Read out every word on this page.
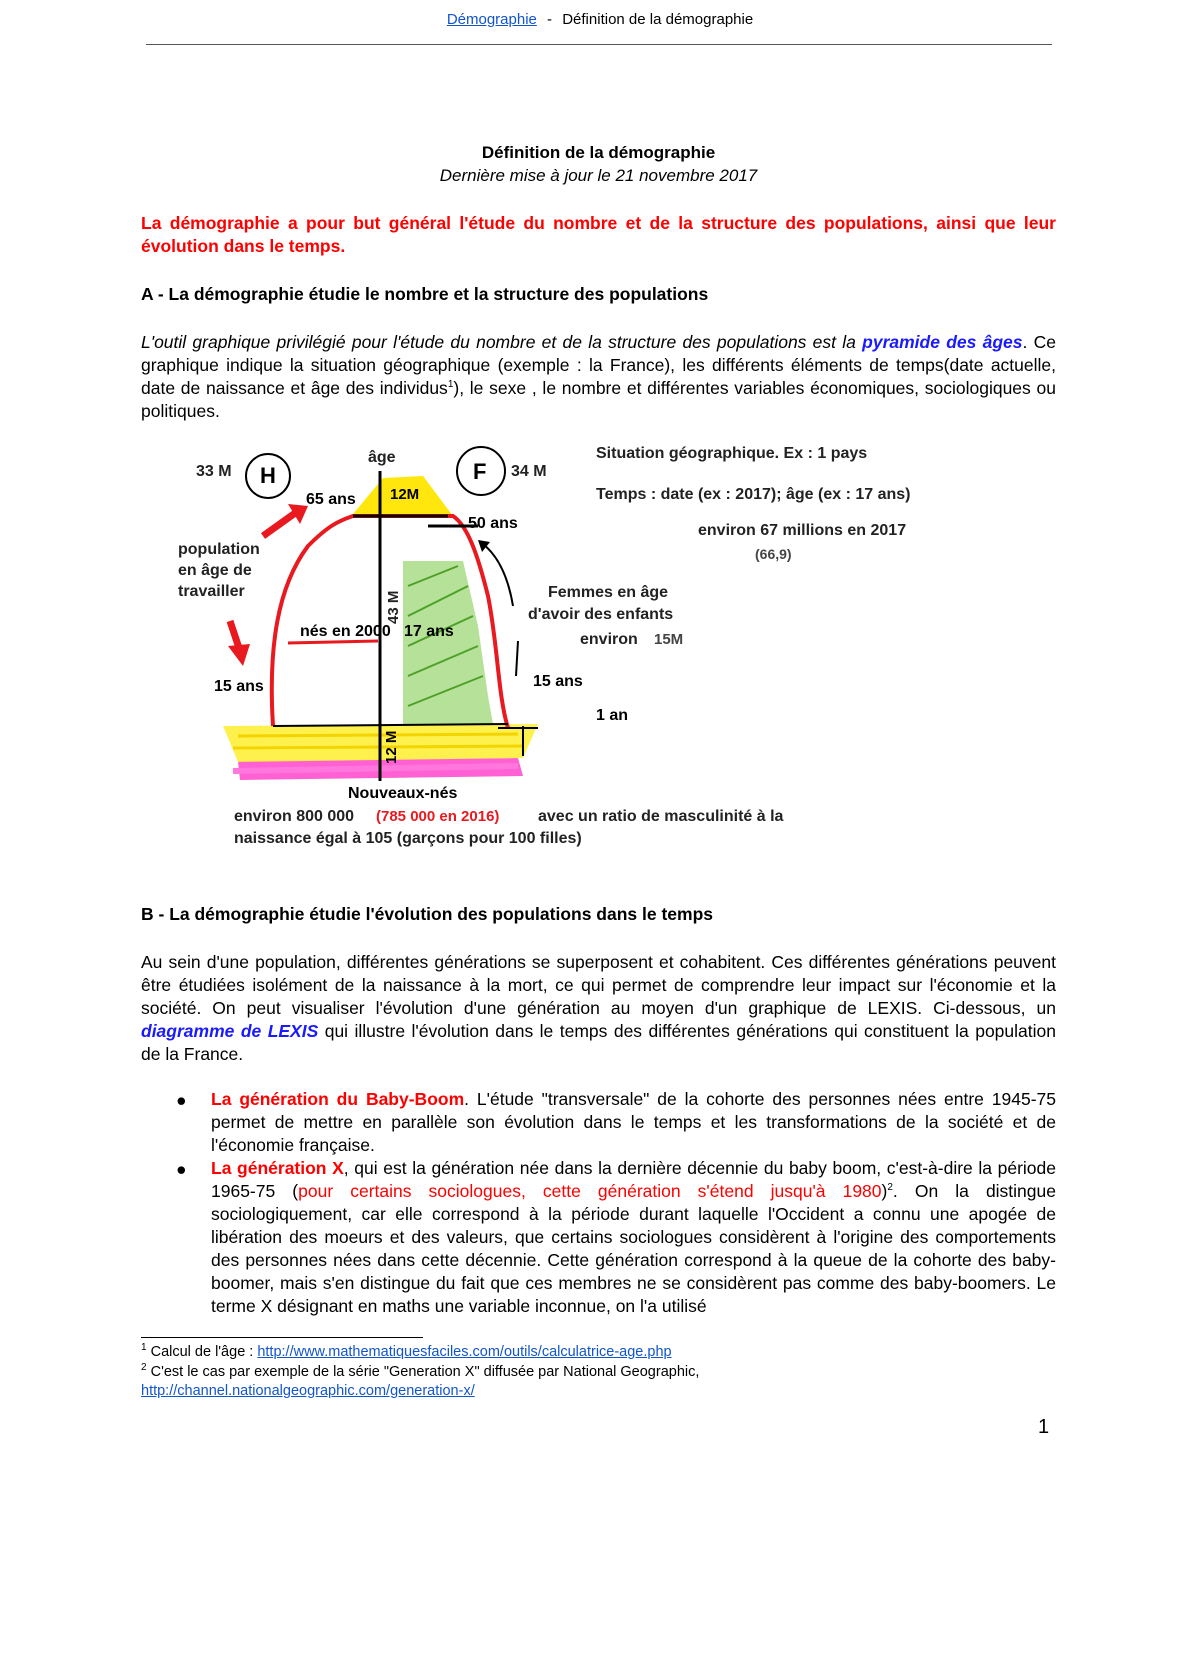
Démographie - Définition de la démographie
Définition de la démographie
Dernière mise à jour le 21 novembre 2017
La démographie a pour but général l'étude du nombre et de la structure des populations, ainsi que leur évolution dans le temps.
A - La démographie étudie le nombre et la structure des populations
L'outil graphique privilégié pour l'étude du nombre et de la structure des populations est la pyramide des âges. Ce graphique indique la situation géographique (exemple : la France), les différents éléments de temps(date actuelle, date de naissance et âge des individus$^1$), le sexe , le nombre et différentes variables économiques, sociologiques ou politiques.
33 M H
âge
F 34 M
Situation géographique. Ex : 1 pays
Temps : date (ex : 2017); âge (ex : 17 ans)
environ 67 millions en 2017
(66,9)
65 ans 12M
50 ans
population
en âge de
travailler	43 M	Femmes en âge
d'avoir des enfants
environ 15M
nés en 2000 17 ans
15 ans	15 ans
1 an
12 M
Nouveaux-nés
environ 800 000 (785 000 en 2016) avec un ratio de masculinité à la
naissance égal à 105 (garçons pour 100 filles)
B - La démographie étudie l'évolution des populations dans le temps
Au sein d'une population, différentes générations se superposent et cohabitent. Ces différentes générations peuvent être étudiées isolément de la naissance à la mort, ce qui permet de comprendre leur impact sur l'économie et la société. On peut visualiser l'évolution d'une génération au moyen d'un graphique de LEXIS. Ci-dessous, un diagramme de LEXIS qui illustre l'évolution dans le temps des différentes générations qui constituent la population de la France.
● La génération du Baby-Boom. L'étude "transversale" de la cohorte des personnes nées entre 1945-75 permet de mettre en parallèle son évolution dans le temps et les transformations de la société et de l'économie française.
● La génération X, qui est la génération née dans la dernière décennie du baby boom, c'est-à-dire la période 1965-75 (pour certains sociologues, cette génération s'étend jusqu'à 1980)$^2$. On la distingue sociologiquement, car elle correspond à la période durant laquelle l'Occident a connu une apogée de libération des moeurs et des valeurs, que certains sociologues considèrent à l'origine des comportements des personnes nées dans cette décennie. Cette génération correspond à la queue de la cohorte des baby-boomer, mais s'en distingue du fait que ces membres ne se considèrent pas comme des baby-boomers. Le terme X désignant en maths une variable inconnue, on l'a utilisé
$^1$ Calcul de l'âge : http://www.mathematiquesfaciles.com/outils/calculatrice-age.php
$^2$ C'est le cas par exemple de la série "Generation X" diffusée par National Geographic,
http://channel.nationalgeographic.com/generation-x/
1
